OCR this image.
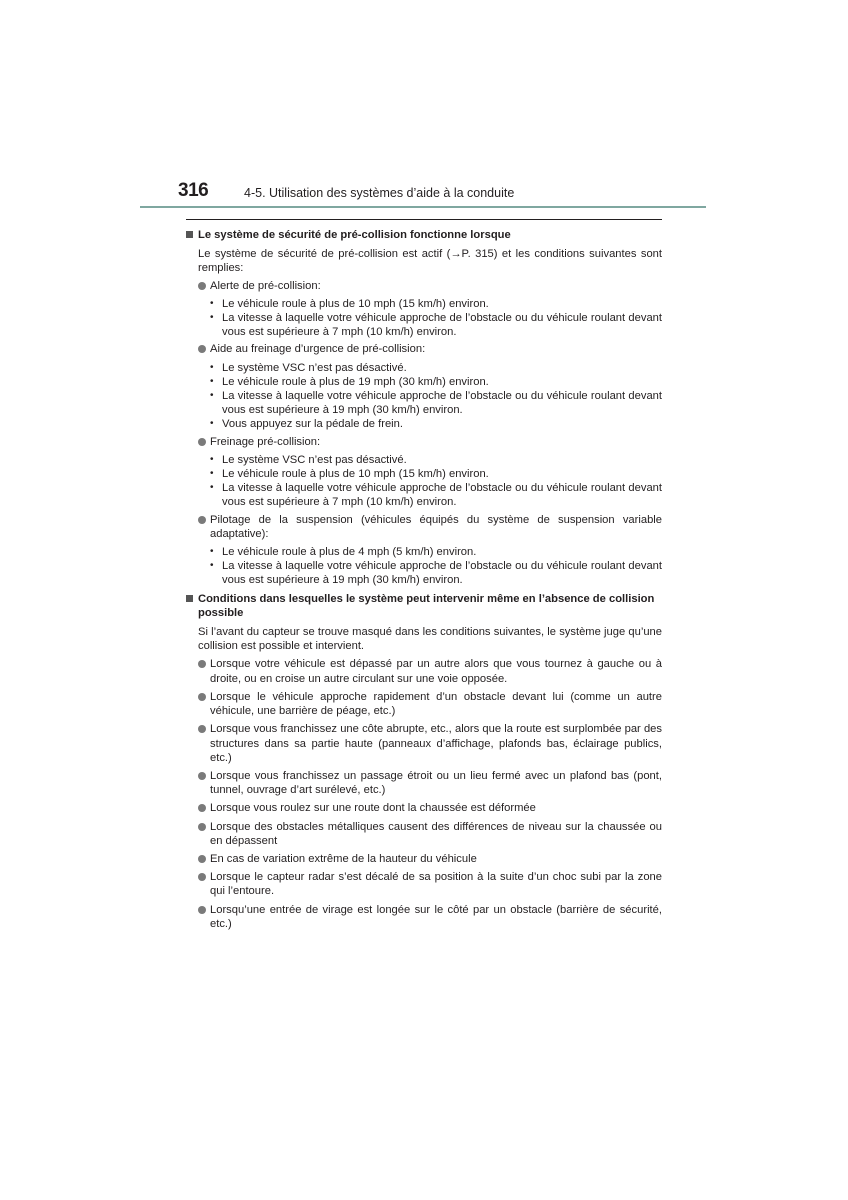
316	4-5. Utilisation des systèmes d’aide à la conduite
Le système de sécurité de pré-collision fonctionne lorsque
Le système de sécurité de pré-collision est actif (→P. 315) et les conditions suivantes sont remplies:
Alerte de pré-collision:
• Le véhicule roule à plus de 10 mph (15 km/h) environ.
• La vitesse à laquelle votre véhicule approche de l’obstacle ou du véhicule roulant devant vous est supérieure à 7 mph (10 km/h) environ.
Aide au freinage d’urgence de pré-collision:
• Le système VSC n’est pas désactivé.
• Le véhicule roule à plus de 19 mph (30 km/h) environ.
• La vitesse à laquelle votre véhicule approche de l’obstacle ou du véhicule roulant devant vous est supérieure à 19 mph (30 km/h) environ.
• Vous appuyez sur la pédale de frein.
Freinage pré-collision:
• Le système VSC n’est pas désactivé.
• Le véhicule roule à plus de 10 mph (15 km/h) environ.
• La vitesse à laquelle votre véhicule approche de l’obstacle ou du véhicule roulant devant vous est supérieure à 7 mph (10 km/h) environ.
Pilotage de la suspension (véhicules équipés du système de suspension variable adaptative):
• Le véhicule roule à plus de 4 mph (5 km/h) environ.
• La vitesse à laquelle votre véhicule approche de l’obstacle ou du véhicule roulant devant vous est supérieure à 19 mph (30 km/h) environ.
Conditions dans lesquelles le système peut intervenir même en l’absence de collision possible
Si l’avant du capteur se trouve masqué dans les conditions suivantes, le système juge qu’une collision est possible et intervient.
Lorsque votre véhicule est dépassé par un autre alors que vous tournez à gauche ou à droite, ou en croise un autre circulant sur une voie opposée.
Lorsque le véhicule approche rapidement d’un obstacle devant lui (comme un autre véhicule, une barrière de péage, etc.)
Lorsque vous franchissez une côte abrupte, etc., alors que la route est surplombée par des structures dans sa partie haute (panneaux d’affichage, plafonds bas, éclairage publics, etc.)
Lorsque vous franchissez un passage étroit ou un lieu fermé avec un plafond bas (pont, tunnel, ouvrage d’art surélevé, etc.)
Lorsque vous roulez sur une route dont la chaussée est déformée
Lorsque des obstacles métalliques causent des différences de niveau sur la chaussée ou en dépassent
En cas de variation extrême de la hauteur du véhicule
Lorsque le capteur radar s’est décalé de sa position à la suite d’un choc subi par la zone qui l’entoure.
Lorsqu’une entrée de virage est longée sur le côté par un obstacle (barrière de sécurité, etc.)
